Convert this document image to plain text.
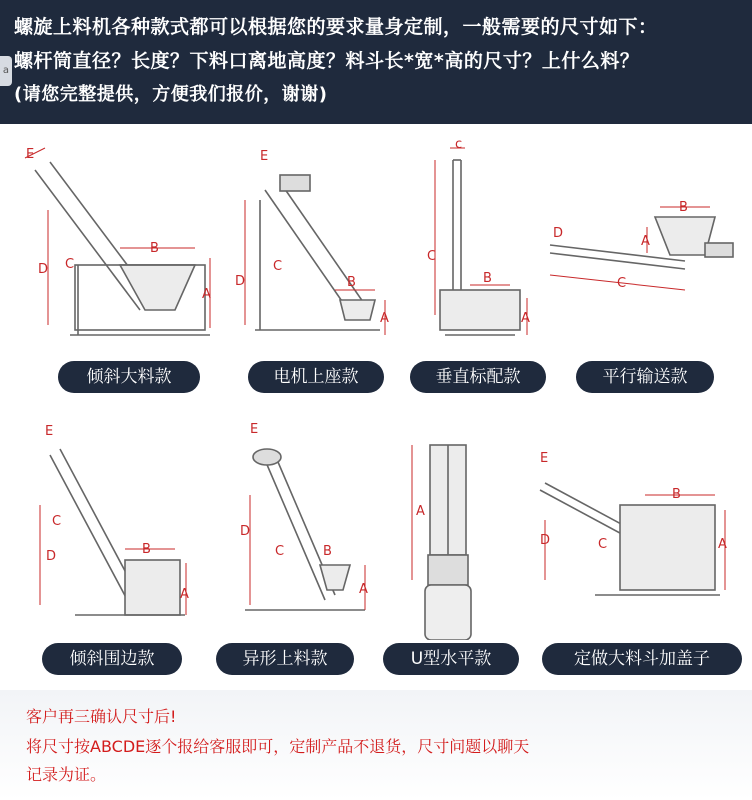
螺旋上料机各种款式都可以根据您的要求量身定制，一般需要的尺寸如下：
螺杆筒直径？长度？下料口离地高度？料斗长*宽*高的尺寸？上什么料？
(请您完整提供，方便我们报价，谢谢)
a
B
A
D C
E	E
C
D	B
A
c
C
B
A
D
C
B
A
倾斜大料款	电机上座款	垂直标配款	平行输送款
E
C
D	B
A
E
D
C	B
A
A
E
D	C
B
A
倾斜围边款	异形上料款	U型水平款	定做大料斗加盖子
客户再三确认尺寸后!
将尺寸按ABCDE逐个报给客服即可，定制产品不退货，尺寸问题以聊天
记录为证。
